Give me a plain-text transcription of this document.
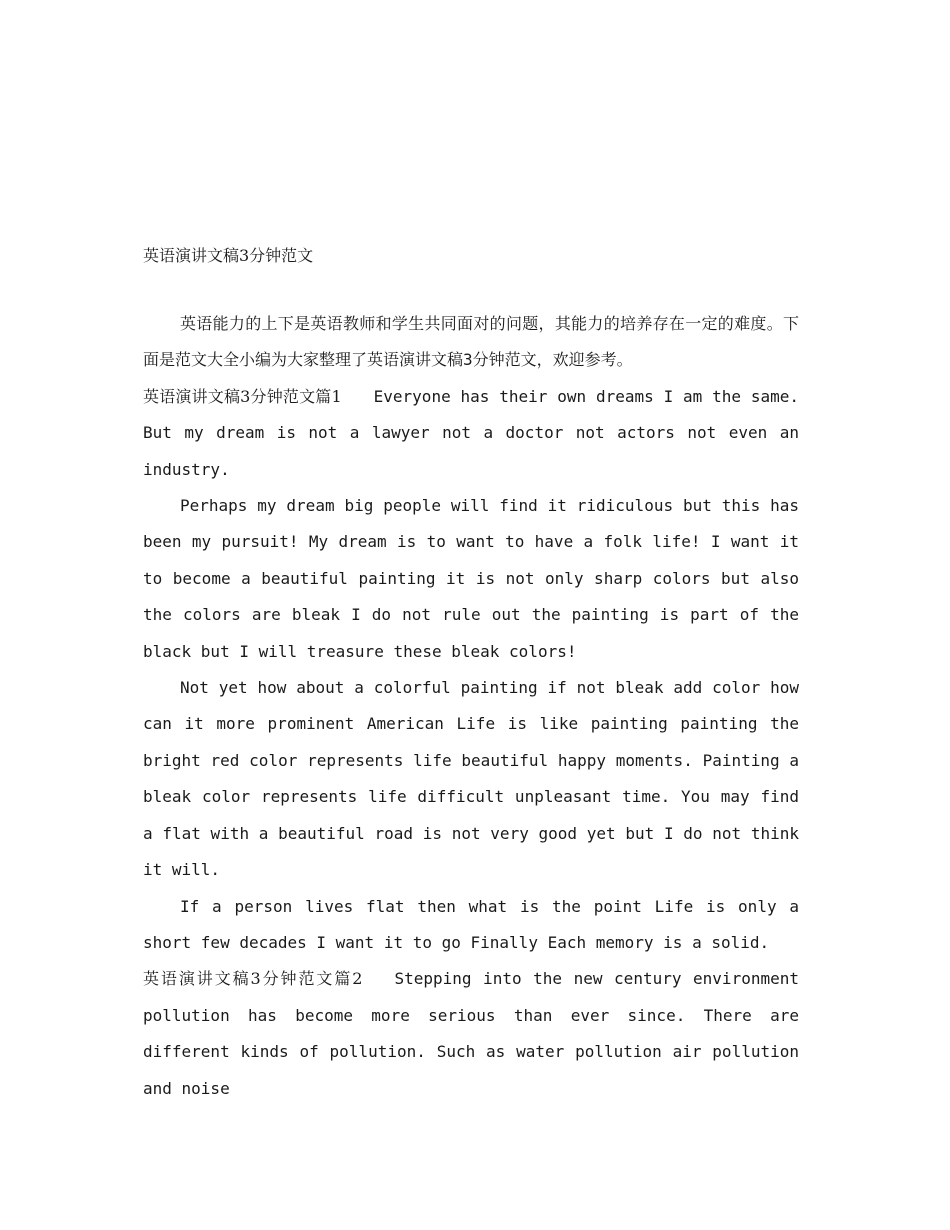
英语演讲文稿3分钟范文

英语能力的上下是英语教师和学生共同面对的问题，其能力的培养存在一定的难度。下面是范文大全小编为大家整理了英语演讲文稿3分钟范文，欢迎参考。

英语演讲文稿3分钟范文篇1 Everyone has their own dreams I am the same. But my dream is not a lawyer not a doctor not actors not even an industry.

Perhaps my dream big people will find it ridiculous but this has been my pursuit! My dream is to want to have a folk life! I want it to become a beautiful painting it is not only sharp colors but also the colors are bleak I do not rule out the painting is part of the black but I will treasure these bleak colors!

Not yet how about a colorful painting if not bleak add color how can it more prominent American Life is like painting painting the bright red color represents life beautiful happy moments. Painting a bleak color represents life difficult unpleasant time. You may find a flat with a beautiful road is not very good yet but I do not think it will.

If a person lives flat then what is the point Life is only a short few decades I want it to go Finally Each memory is a solid.

英语演讲文稿3分钟范文篇2 Stepping into the new century environment pollution has become more serious than ever since. There are different kinds of pollution. Such as water pollution air pollution and noise
